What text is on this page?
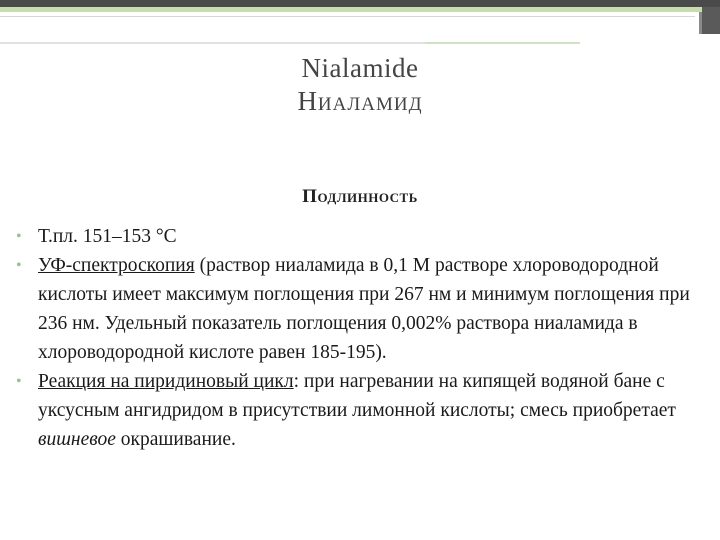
Nialamide
Ниаламид
Подлинность
• Т.пл. 151–153 °С
• УФ-спектроскопия (раствор ниаламида в 0,1 М растворе хлороводородной кислоты имеет максимум поглощения при 267 нм и минимум поглощения при 236 нм. Удельный показатель поглощения 0,002% раствора ниаламида в хлороводородной кислоте равен 185-195).
• Реакция на пиридиновый цикл: при нагревании на кипящей водяной бане с уксусным ангидридом в присутствии лимонной кислоты; смесь приобретает вишневое окрашивание.
